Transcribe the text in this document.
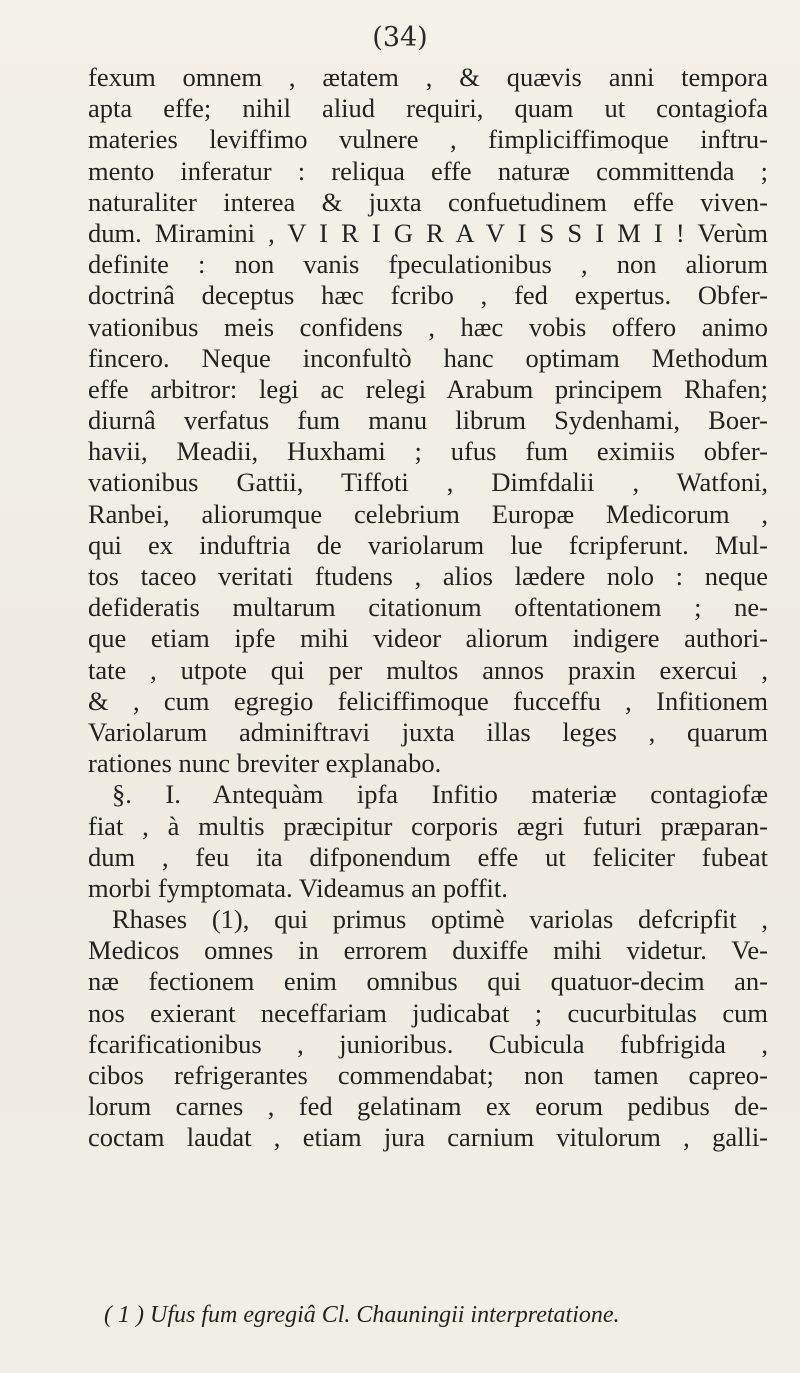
(34)
fexum omnem , ætatem , & quævis anni tempora
apta effe; nihil aliud requiri, quam ut contagiofa
materies leviffimo vulnere , fimpliciffimoque inftru-
mento inferatur : reliqua effe naturæ committenda ;
naturaliter interea & juxta confuetudinem effe viven-
dum. Miramini , V I R I G R A V I S S I M I ! Verùm
definite : non vanis fpeculationibus , non aliorum
doctrinâ deceptus hæc fcribo , fed expertus. Obfer-
vationibus meis confidens , hæc vobis offero animo
fincero. Neque inconfultò hanc optimam Methodum
effe arbitror: legi ac relegi Arabum principem Rhafen;
diurnâ verfatus fum manu librum Sydenhami, Boer-
havii, Meadii, Huxhami ; ufus fum eximiis obfer-
vationibus Gattii, Tiffoti , Dimfdalii , Watfoni,
Ranbei, aliorumque celebrium Europæ Medicorum ,
qui ex induftria de variolarum lue fcripferunt. Mul-
tos taceo veritati ftudens , alios lædere nolo : neque
defideratis multarum citationum oftentationem ; ne-
que etiam ipfe mihi videor aliorum indigere authori-
tate , utpote qui per multos annos praxin exercui ,
& , cum egregio feliciffimoque fucceffu , Infitionem
Variolarum adminiftravi juxta illas leges , quarum
rationes nunc breviter explanabo.
§. I. Antequàm ipfa Infitio materiæ contagiofæ
fiat , à multis præcipitur corporis ægri futuri præparan-
dum , feu ita difponendum effe ut feliciter fubeat
morbi fymptomata. Videamus an poffit.
Rhases (1), qui primus optimè variolas defcripfit ,
Medicos omnes in errorem duxiffe mihi videtur. Ve-
næ fectionem enim omnibus qui quatuor-decim an-
nos exierant neceffariam judicabat ; cucurbitulas cum
fcarificationibus , junioribus. Cubicula fubfrigida ,
cibos refrigerantes commendabat; non tamen capreo-
lorum carnes , fed gelatinam ex eorum pedibus de-
coctam laudat , etiam jura carnium vitulorum , galli-
( 1 ) Ufus fum egregiâ Cl. Chauningii interpretatione.
